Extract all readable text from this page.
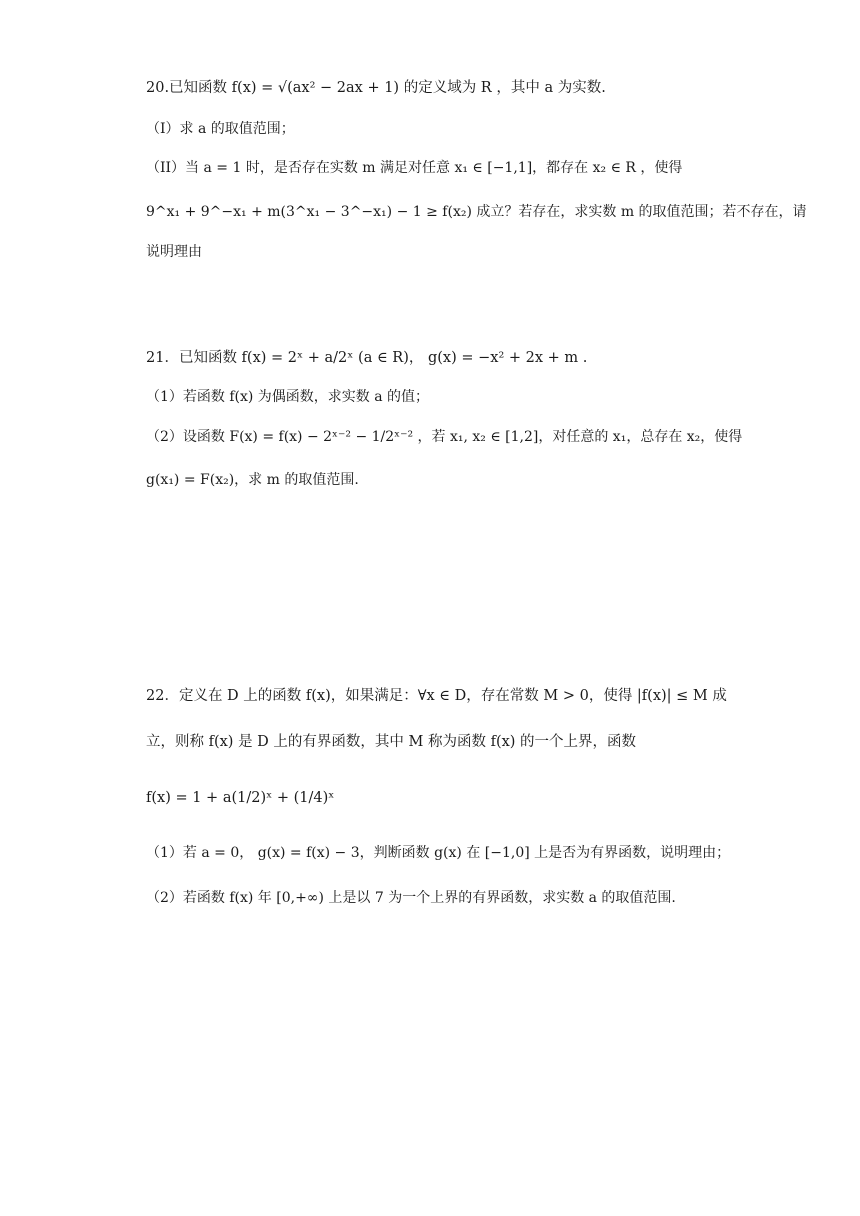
20.已知函数 f(x) = √(ax² − 2ax + 1) 的定义域为 R ，其中 a 为实数.
（I）求 a 的取值范围；
（II）当 a = 1 时，是否存在实数 m 满足对任意 x₁ ∈ [−1,1]，都存在 x₂ ∈ R ，使得
9^x₁ + 9^−x₁ + m(3^x₁ − 3^−x₁) − 1 ≥ f(x₂) 成立？若存在，求实数 m 的取值范围；若不存在，请
说明理由
21．已知函数 f(x) = 2ˣ + a/2ˣ (a ∈ R)， g(x) = −x² + 2x + m .
（1）若函数 f(x) 为偶函数，求实数 a 的值；
（2）设函数 F(x) = f(x) − 2ˣ⁻² − 1/2ˣ⁻² ，若 x₁, x₂ ∈ [1,2]，对任意的 x₁，总存在 x₂，使得
g(x₁) = F(x₂)，求 m 的取值范围.
22．定义在 D 上的函数 f(x)，如果满足：∀x ∈ D，存在常数 M > 0，使得 |f(x)| ≤ M 成
立，则称 f(x) 是 D 上的有界函数，其中 M 称为函数 f(x) 的一个上界，函数
f(x) = 1 + a(1/2)ˣ + (1/4)ˣ
（1）若 a = 0， g(x) = f(x) − 3，判断函数 g(x) 在 [−1,0] 上是否为有界函数，说明理由；
（2）若函数 f(x) 年 [0,+∞) 上是以 7 为一个上界的有界函数，求实数 a 的取值范围.
